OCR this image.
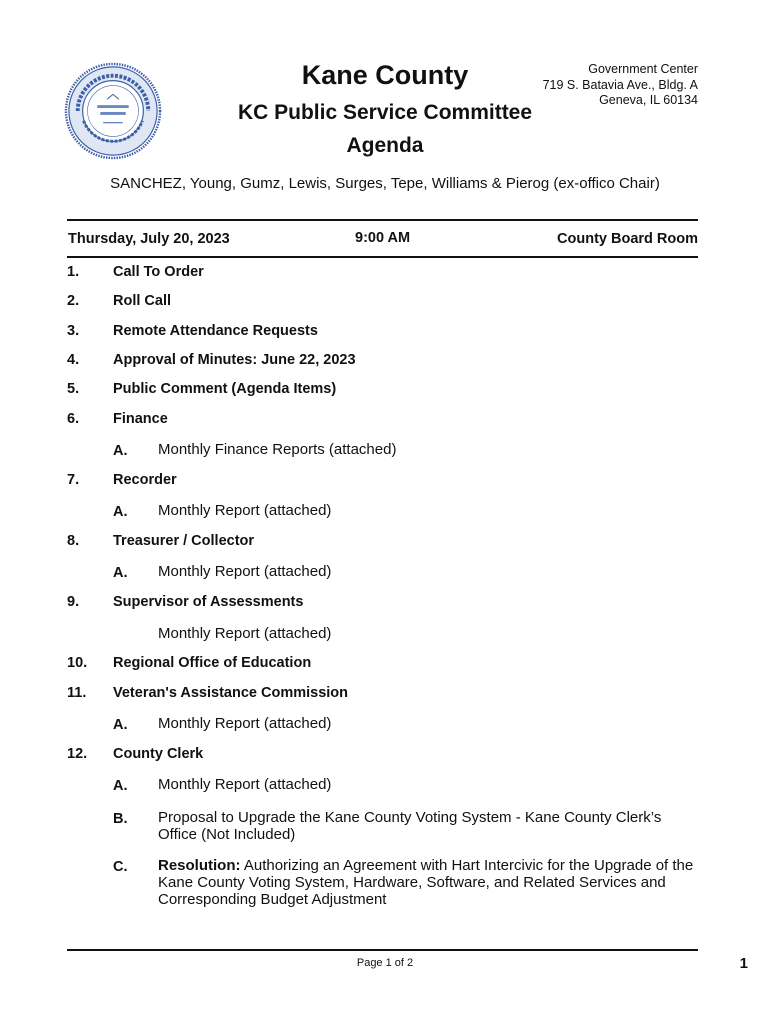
Kane County
KC Public Service Committee
Agenda
Government Center
719 S. Batavia Ave., Bldg. A
Geneva, IL 60134
SANCHEZ, Young, Gumz, Lewis, Surges, Tepe, Williams & Pierog (ex-offico Chair)
Thursday, July 20, 2023	9:00 AM	County Board Room
1. Call To Order
2. Roll Call
3. Remote Attendance Requests
4. Approval of Minutes: June 22, 2023
5. Public Comment (Agenda Items)
6. Finance
A. Monthly Finance Reports (attached)
7. Recorder
A. Monthly Report (attached)
8. Treasurer / Collector
A. Monthly Report (attached)
9. Supervisor of Assessments
Monthly Report (attached)
10. Regional Office of Education
11. Veteran's Assistance Commission
A. Monthly Report (attached)
12. County Clerk
A. Monthly Report (attached)
B. Proposal to Upgrade the Kane County Voting System - Kane County Clerk’s Office (Not Included)
C. Resolution: Authorizing an Agreement with Hart Intercivic for the Upgrade of the Kane County Voting System, Hardware, Software, and Related Services and Corresponding Budget Adjustment
Page 1 of 2	1
